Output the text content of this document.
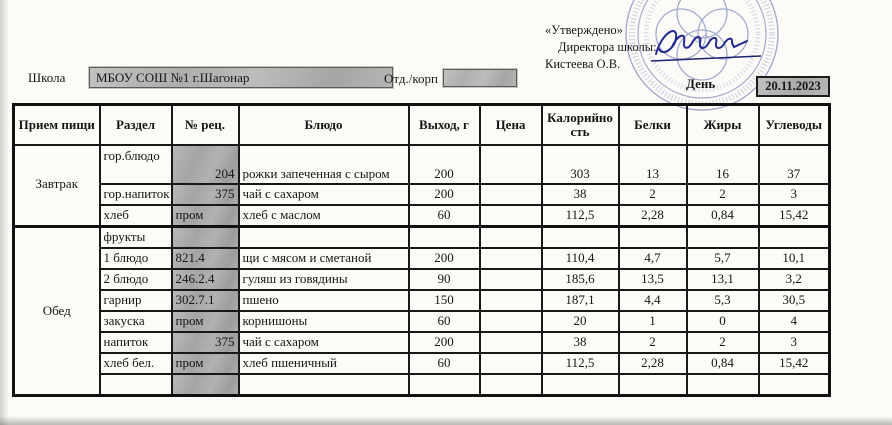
«Утверждено»
Директора школы:
Кистеева О.В.
День	20.11.2023
Школа	МБОУ СОШ №1 г.Шагонар	Отд./корп
Прием пищи	Раздел	№ рец.	Блюдо	Выход, г	Цена	Калорийность	Белки	Жиры	Углеводы
Завтрак	гор.блюдо	204	рожки запеченная с сыром	200		303	13	16	37
	гор.напиток	375	чай с сахаром	200		38	2	2	3
	хлеб	пром	хлеб с маслом	60		112,5	2,28	0,84	15,42
Обед	фрукты								
	1 блюдо	821.4	щи с мясом и сметаной	200		110,4	4,7	5,7	10,1
	2 блюдо	246.2.4	гуляш из говядины	90		185,6	13,5	13,1	3,2
	гарнир	302.7.1	пшено	150		187,1	4,4	5,3	30,5
	закуска	пром	корнишоны	60		20	1	0	4
	напиток	375	чай с сахаром	200		38	2	2	3
	хлеб бел.	пром	хлеб пшеничный	60		112,5	2,28	0,84	15,42
